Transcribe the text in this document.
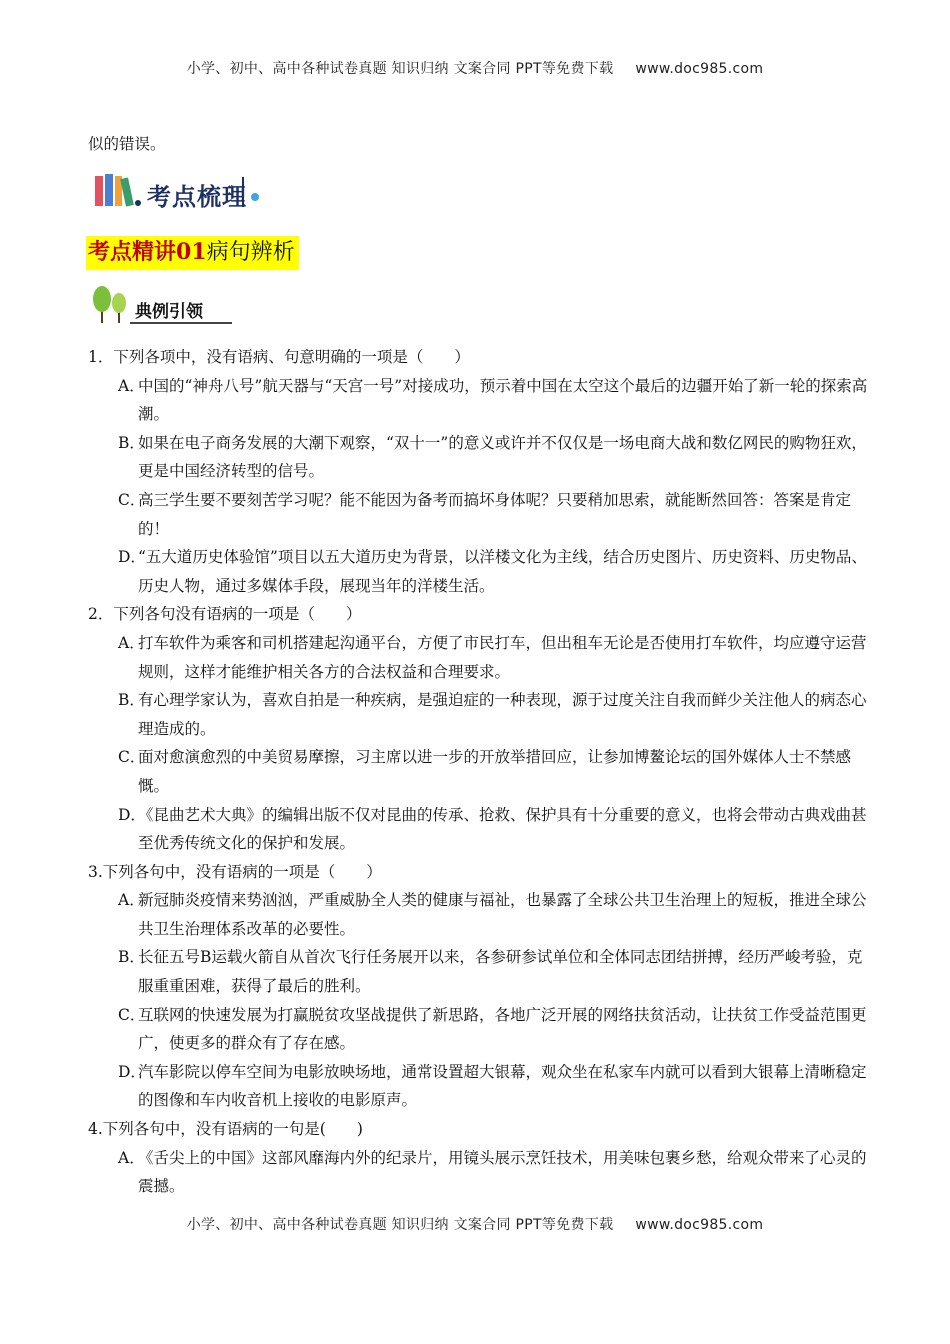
小学、初中、高中各种试卷真题 知识归纳 文案合同 PPT等免费下载 www.doc985.com
似的错误。
考点梳理
考点精讲01病句辨析
典例引领

1．下列各项中，没有语病、句意明确的一项是（　　）

A．中国的“神舟八号”航天器与“天宫一号”对接成功，预示着中国在太空这个最后的边疆开始了新一轮的探索高潮。

B．如果在电子商务发展的大潮下观察，“双十一”的意义或许并不仅仅是一场电商大战和数亿网民的购物狂欢，更是中国经济转型的信号。

C．高三学生要不要刻苦学习呢？能不能因为备考而搞坏身体呢？只要稍加思索，就能断然回答：答案是肯定的！

D．“五大道历史体验馆”项目以五大道历史为背景，以洋楼文化为主线，结合历史图片、历史资料、历史物品、历史人物，通过多媒体手段，展现当年的洋楼生活。

2．下列各句没有语病的一项是（　　）

A．打车软件为乘客和司机搭建起沟通平台，方便了市民打车，但出租车无论是否使用打车软件，均应遵守运营规则，这样才能维护相关各方的合法权益和合理要求。

B．有心理学家认为，喜欢自拍是一种疾病，是强迫症的一种表现，源于过度关注自我而鲜少关注他人的病态心理造成的。

C．面对愈演愈烈的中美贸易摩擦，习主席以进一步的开放举措回应，让参加博鳌论坛的国外媒体人士不禁感慨。

D．《昆曲艺术大典》的编辑出版不仅对昆曲的传承、抢救、保护具有十分重要的意义，也将会带动古典戏曲甚至优秀传统文化的保护和发展。

3.下列各句中，没有语病的一项是（　　）

A．新冠肺炎疫情来势汹汹，严重威胁全人类的健康与福祉，也暴露了全球公共卫生治理上的短板，推进全球公共卫生治理体系改革的必要性。

B．长征五号B运载火箭自从首次飞行任务展开以来，各参研参试单位和全体同志团结拼搏，经历严峻考验，克服重重困难，获得了最后的胜利。

C．互联网的快速发展为打赢脱贫攻坚战提供了新思路，各地广泛开展的网络扶贫活动，让扶贫工作受益范围更广，使更多的群众有了存在感。

D．汽车影院以停车空间为电影放映场地，通常设置超大银幕，观众坐在私家车内就可以看到大银幕上清晰稳定的图像和车内收音机上接收的电影原声。

4.下列各句中，没有语病的一句是(　　)

A．《舌尖上的中国》这部风靡海内外的纪录片，用镜头展示烹饪技术，用美味包裹乡愁，给观众带来了心灵的震撼。

小学、初中、高中各种试卷真题 知识归纳 文案合同 PPT等免费下载 www.doc985.com
